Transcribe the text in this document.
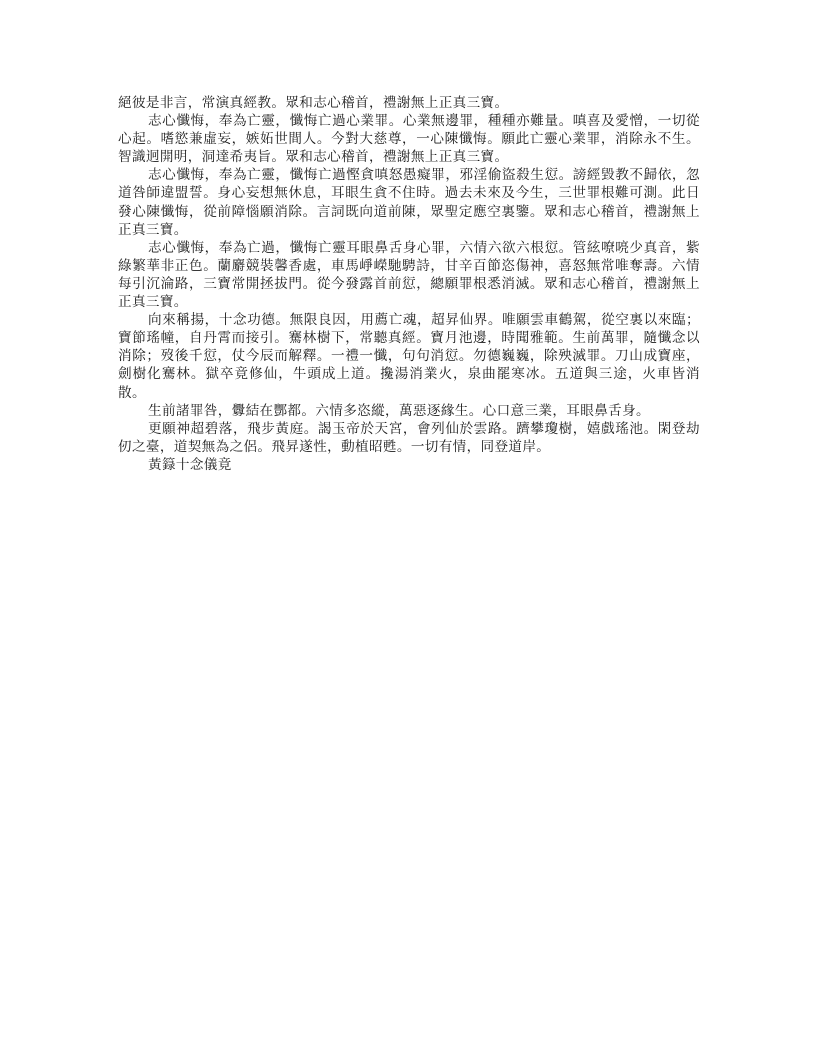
絕彼是非言，常演真經教。眾和志心稽首，禮謝無上正真三寶。

志心懺悔，奉為亡靈，懺悔亡過心業罪。心業無邊罪，種種亦難量。嗔喜及愛憎，一切從心起。嗜慾兼虛妄，嫉妬世間人。今對大慈尊，一心陳懺悔。願此亡靈心業罪，消除永不生。智識迥開明，洞達希夷旨。眾和志心稽首，禮謝無上正真三寶。

志心懺悔，奉為亡靈，懺悔亡過慳貪嗔怒愚癡罪，邪淫偷盜殺生愆。謗經毀教不歸依，忽道咎師違盟誓。身心妄想無休息，耳眼生貪不住時。過去未來及今生，三世罪根難可測。此日發心陳懺悔，從前障惱願消除。言詞既向道前陳，眾聖定應空裏鑒。眾和志心稽首，禮謝無上正真三寶。

志心懺悔，奉為亡過，懺悔亡靈耳眼鼻舌身心罪，六情六欲六根愆。管絃嘹喨少真音，紫綠繁華非正色。蘭麝競裝馨香處，車馬崢嶸馳騁詩，甘辛百節恣傷神，喜怒無常唯奪壽。六情每引沉淪路，三寶常開拯拔門。從今發露首前愆，總願罪根悉消滅。眾和志心稽首，禮謝無上正真三寶。

向來稱揚，十念功德。無限良因，用薦亡魂，超昇仙界。唯願雲車鶴駕，從空裏以來臨；寶節瑤幢，自丹霄而接引。騫林樹下，常聽真經。寶月池邊，時聞雅範。生前萬罪，隨懺念以消除；歿後千愆，仗今辰而解釋。一禮一懺，句句消愆。勿德巍巍，除殃滅罪。刀山成寶座，劍樹化騫林。獄卒竟修仙，牛頭成上道。攙湯消業火，泉曲罷寒冰。五道與三途，火車皆消散。

生前諸罪咎，釁結在酆都。六情多恣縱，萬惡逐緣生。心口意三業，耳眼鼻舌身。

更願神超碧落，飛步黃庭。謁玉帝於天宮，會列仙於雲路。躋攀瓊樹，嬉戲瑤池。閑登劫仞之臺，道契無為之侶。飛昇遂性，動植昭甦。一切有情，同登道岸。

黃籙十念儀竟
